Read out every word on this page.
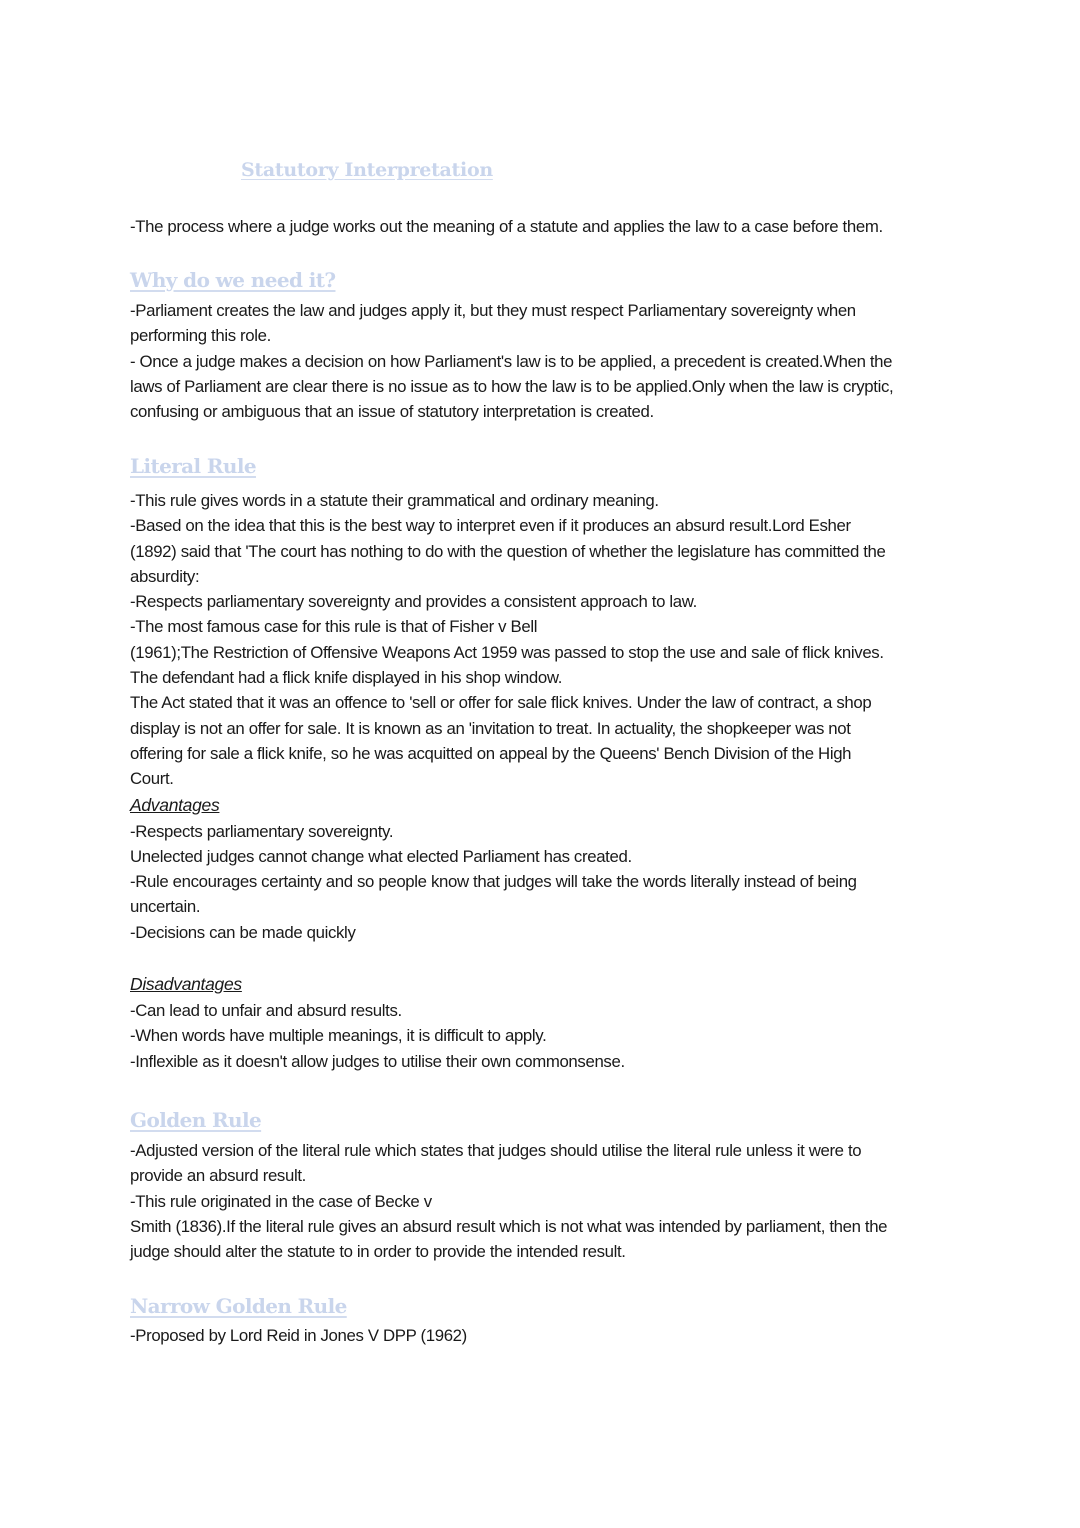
Statutory Interpretation
-The process where a judge works out the meaning of a statute and applies the law to a case before them.
Why do we need it?
-Parliament creates the law and judges apply it, but they must respect Parliamentary sovereignty when
performing this role.
- Once a judge makes a decision on how Parliament's law is to be applied, a precedent is created.When the
laws of Parliament are clear there is no issue as to how the law is to be applied.Only when the law is cryptic,
confusing or ambiguous that an issue of statutory interpretation is created.
Literal Rule
-This rule gives words in a statute their grammatical and ordinary meaning.
-Based on the idea that this is the best way to interpret even if it produces an absurd result.Lord Esher
(1892) said that 'The court has nothing to do with the question of whether the legislature has committed the
absurdity:
-Respects parliamentary sovereignty and provides a consistent approach to law.
-The most famous case for this rule is that of Fisher v Bell
(1961);The Restriction of Offensive Weapons Act 1959 was passed to stop the use and sale of flick knives.
The defendant had a flick knife displayed in his shop window.
The Act stated that it was an offence to 'sell or offer for sale flick knives. Under the law of contract, a shop
display is not an offer for sale. It is known as an 'invitation to treat. In actuality, the shopkeeper was not
offering for sale a flick knife, so he was acquitted on appeal by the Queens' Bench Division of the High
Court.
Advantages
-Respects parliamentary sovereignty.
Unelected judges cannot change what elected Parliament has created.
-Rule encourages certainty and so people know that judges will take the words literally instead of being
uncertain.
-Decisions can be made quickly
Disadvantages
-Can lead to unfair and absurd results.
-When words have multiple meanings, it is difficult to apply.
-Inflexible as it doesn't allow judges to utilise their own commonsense.
Golden Rule
-Adjusted version of the literal rule which states that judges should utilise the literal rule unless it were to
provide an absurd result.
-This rule originated in the case of Becke v
Smith (1836).If the literal rule gives an absurd result which is not what was intended by parliament, then the
judge should alter the statute to in order to provide the intended result.
Narrow Golden Rule
-Proposed by Lord Reid in Jones V DPP (1962)
